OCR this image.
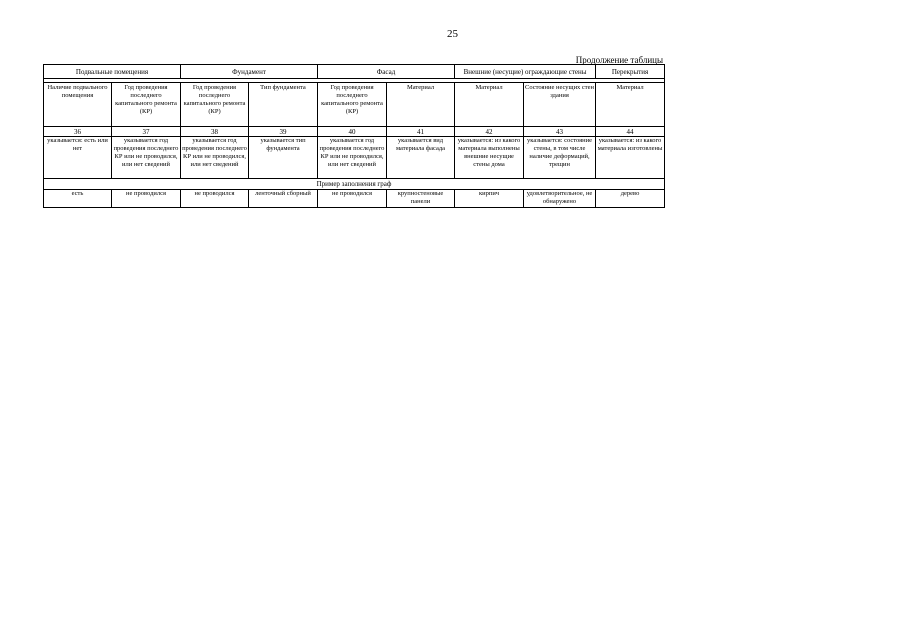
25
Продолжение таблицы
Подвальные помещения		Фундамент		Фасад		Внешние (несущие) ограждающие стены		Перекрытия

Наличие подвального помещения	Год проведения последнего капитального ремонта (КР)	Год проведения последнего капитального ремонта (КР)	Тип фундамента	Год проведения последнего капитального ремонта (КР)	Материал	Материал	Состояние несущих стен здания	Материал
36	37	38	39	40	41	42	43	44
указывается: есть или нет	указывается год проведения последнего КР или не проводился, или нет сведений	указывается год проведения последнего КР или не проводился, или нет сведений	указывается тип фундамента	указывается год проведения последнего КР или не проводился, или нет сведений	указывается вид материала фасада	указывается: из какого материала выполнены внешние несущие стены дома	указывается: состояние стены, в том числе наличие деформаций, трещин	указывается: из какого материала изготовлены
Пример заполнения граф								
есть	не проводился	не проводился	ленточный сборный	не проводился	крупностеновые панели	кирпич	удовлетворительное, не обнаружено	дерево
